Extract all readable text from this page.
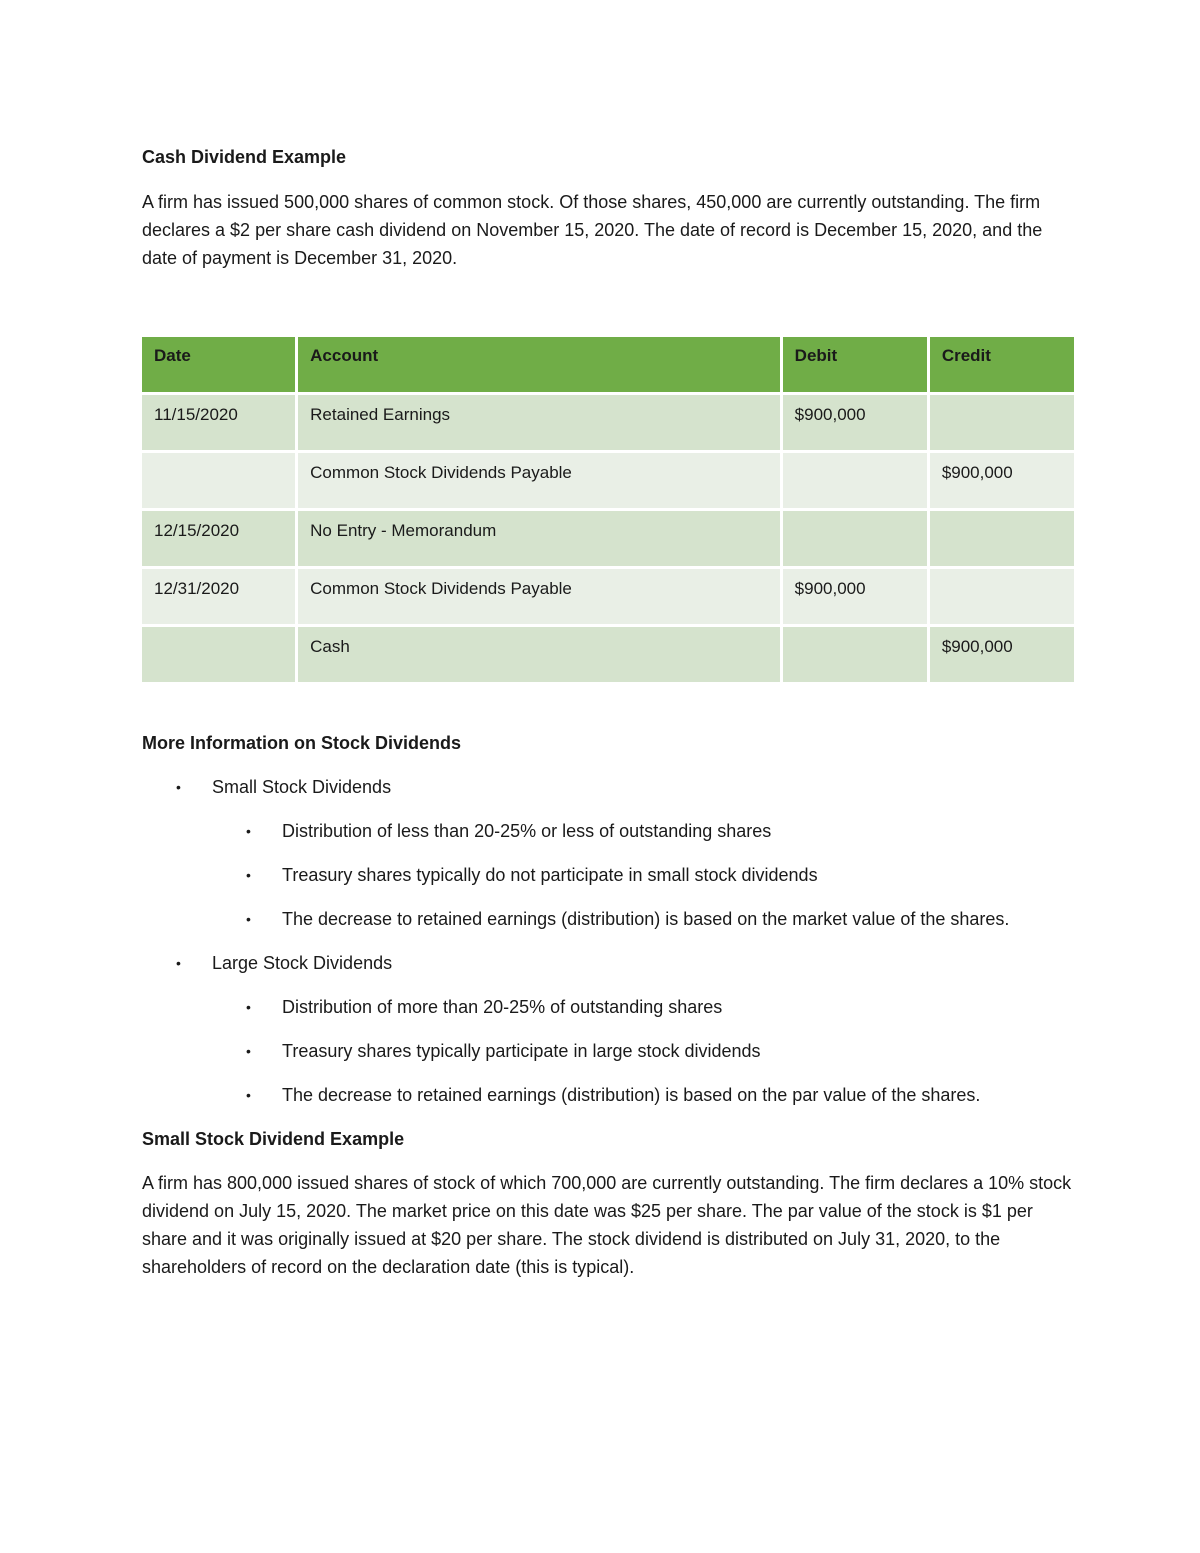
Cash Dividend Example

A firm has issued 500,000 shares of common stock. Of those shares, 450,000 are currently outstanding. The firm declares a $2 per share cash dividend on November 15, 2020. The date of record is December 15, 2020, and the date of payment is December 31, 2020.

Date	Account	Debit	Credit
11/15/2020	Retained Earnings	$900,000	
	Common Stock Dividends Payable		$900,000
12/15/2020	No Entry - Memorandum		
12/31/2020	Common Stock Dividends Payable	$900,000	
	Cash		$900,000

More Information on Stock Dividends

• Small Stock Dividends
• Distribution of less than 20-25% or less of outstanding shares
• Treasury shares typically do not participate in small stock dividends
• The decrease to retained earnings (distribution) is based on the market value of the shares.
• Large Stock Dividends
• Distribution of more than 20-25% of outstanding shares
• Treasury shares typically participate in large stock dividends
• The decrease to retained earnings (distribution) is based on the par value of the shares.

Small Stock Dividend Example

A firm has 800,000 issued shares of stock of which 700,000 are currently outstanding. The firm declares a 10% stock dividend on July 15, 2020. The market price on this date was $25 per share. The par value of the stock is $1 per share and it was originally issued at $20 per share. The stock dividend is distributed on July 31, 2020, to the shareholders of record on the declaration date (this is typical).
